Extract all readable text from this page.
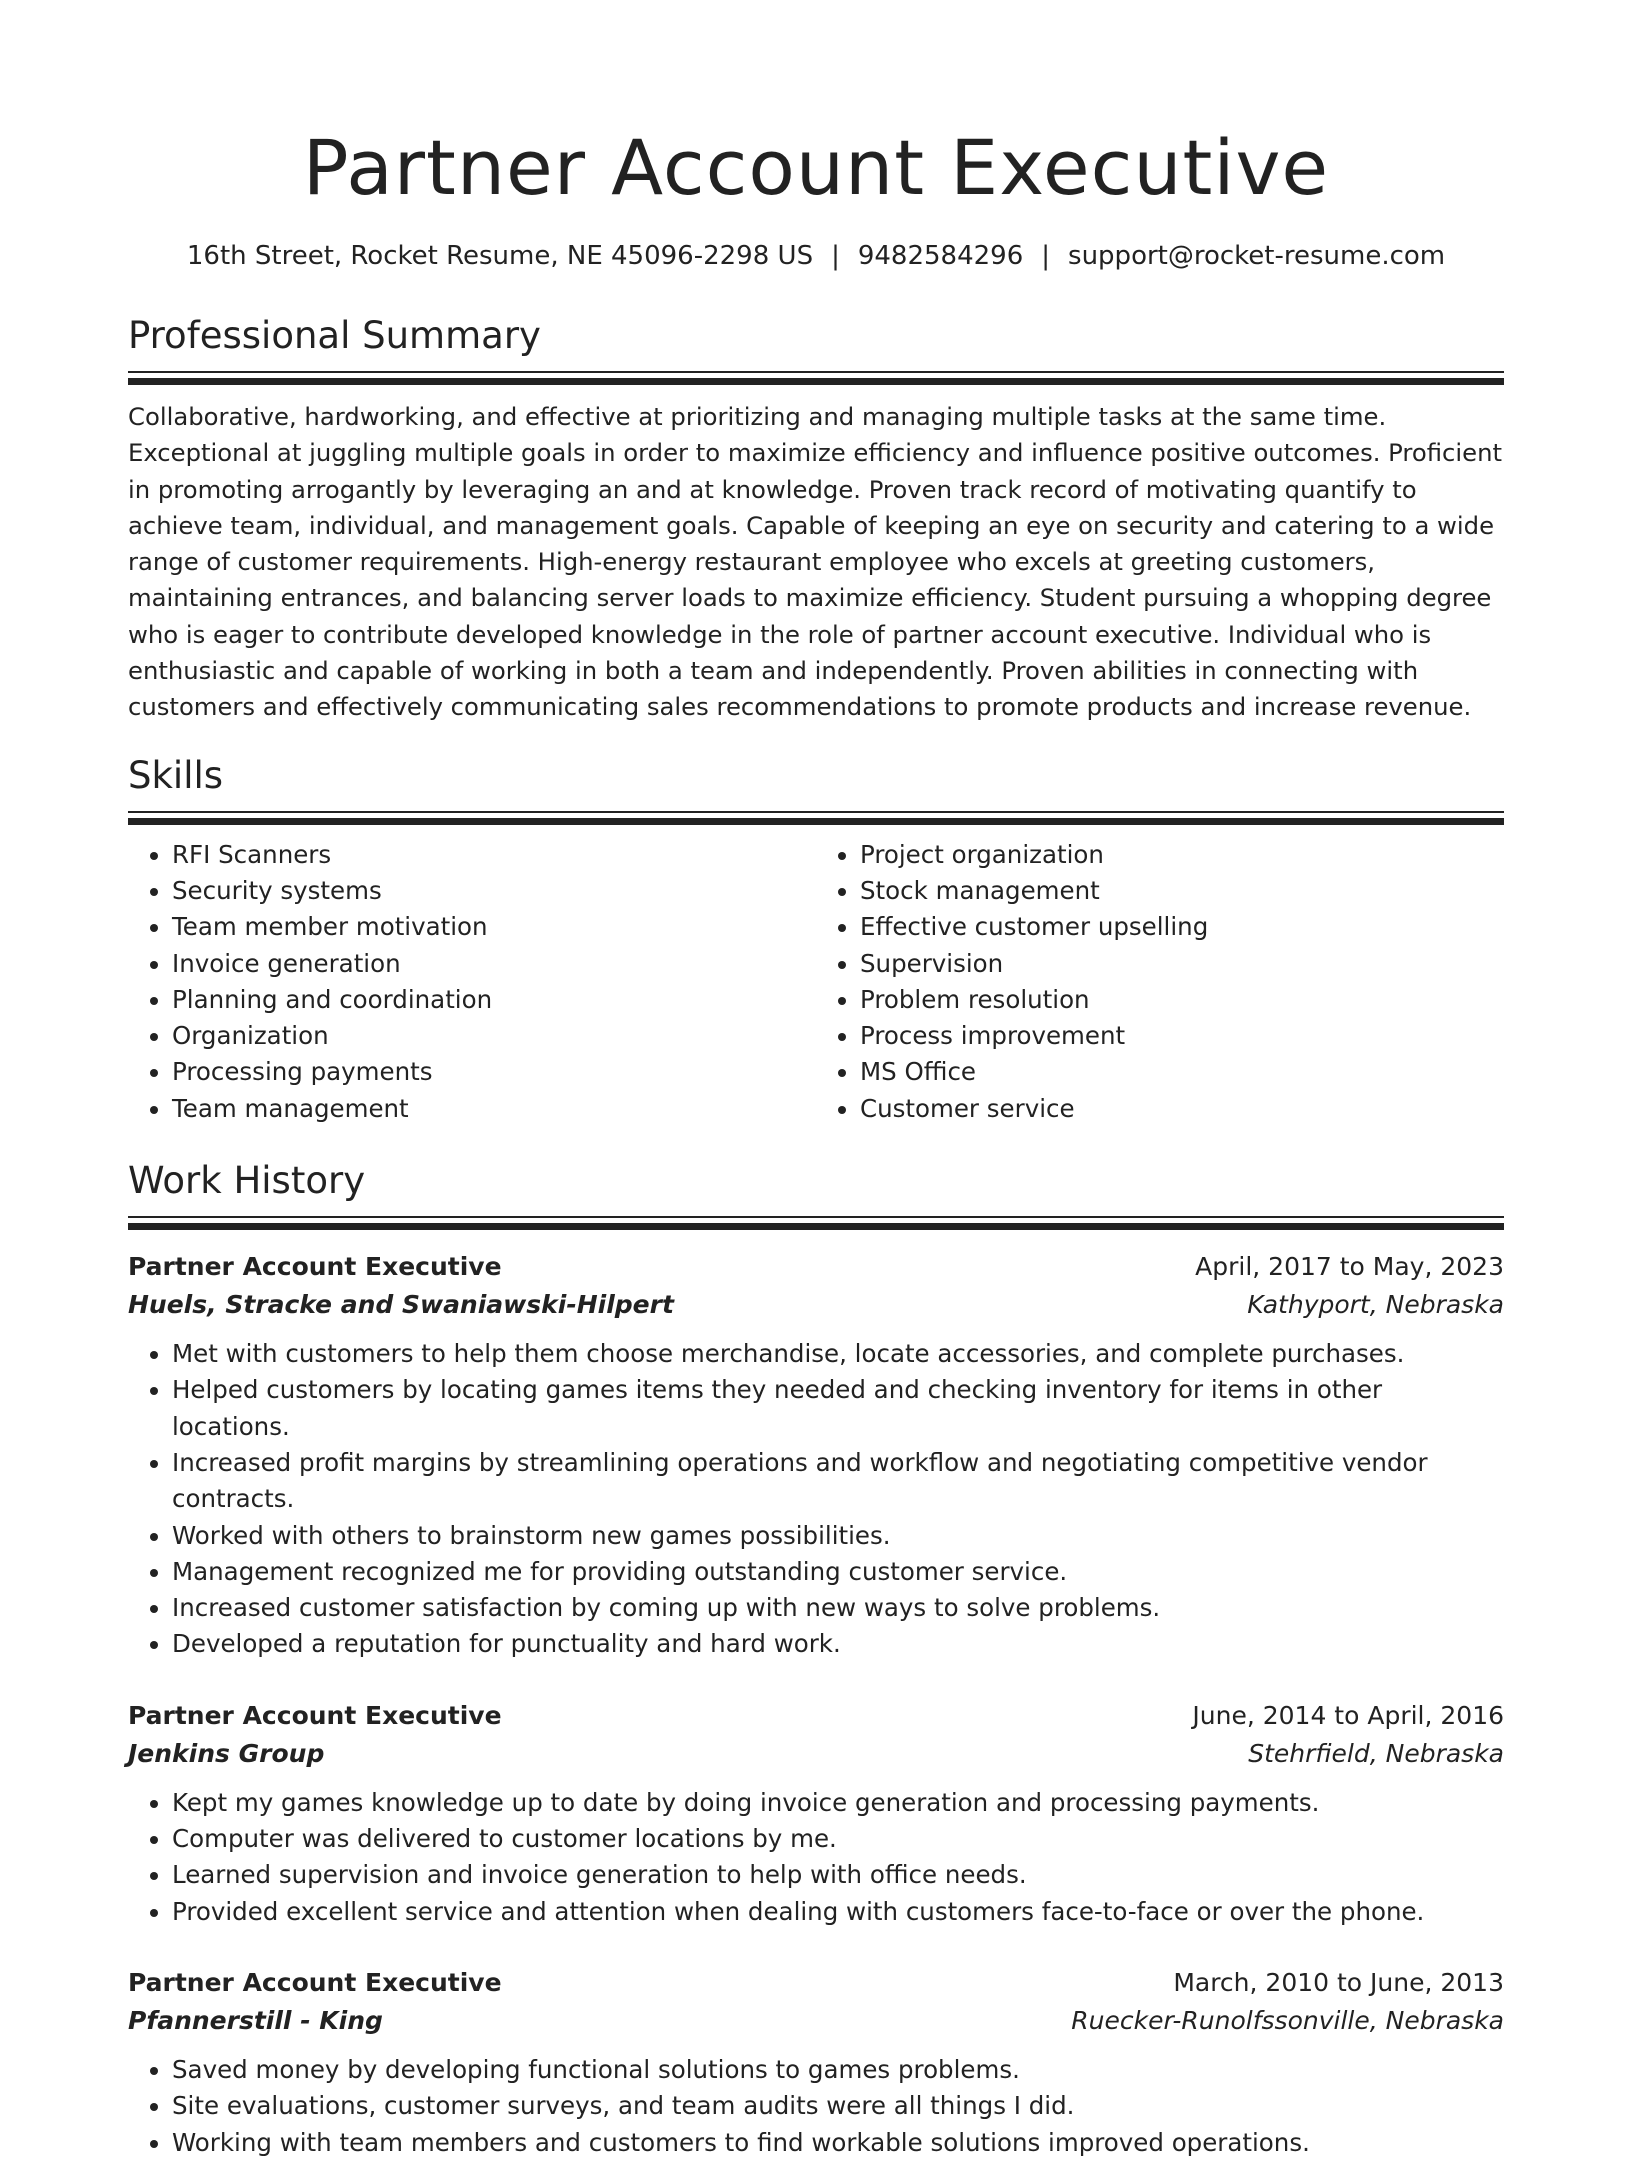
Partner Account Executive
16th Street, Rocket Resume, NE 45096-2298 US | 9482584296 | support@rocket-resume.com
Professional Summary

Collaborative, hardworking, and effective at prioritizing and managing multiple tasks at the same time. Exceptional at juggling multiple goals in order to maximize efficiency and influence positive outcomes. Proficient in promoting arrogantly by leveraging an and at knowledge. Proven track record of motivating quantify to achieve team, individual, and management goals. Capable of keeping an eye on security and catering to a wide range of customer requirements. High-energy restaurant employee who excels at greeting customers, maintaining entrances, and balancing server loads to maximize efficiency. Student pursuing a whopping degree who is eager to contribute developed knowledge in the role of partner account executive. Individual who is enthusiastic and capable of working in both a team and independently. Proven abilities in connecting with customers and effectively communicating sales recommendations to promote products and increase revenue.

Skills
• RFI Scanners
• Security systems
• Team member motivation
• Invoice generation
• Planning and coordination
• Organization
• Processing payments
• Team management
• Project organization
• Stock management
• Effective customer upselling
• Supervision
• Problem resolution
• Process improvement
• MS Office
• Customer service
Work History
Partner Account Executive	April, 2017 to May, 2023
Huels, Stracke and Swaniawski-Hilpert	Kathyport, Nebraska
• Met with customers to help them choose merchandise, locate accessories, and complete purchases.
• Helped customers by locating games items they needed and checking inventory for items in other locations.
• Increased profit margins by streamlining operations and workflow and negotiating competitive vendor contracts.
• Worked with others to brainstorm new games possibilities.
• Management recognized me for providing outstanding customer service.
• Increased customer satisfaction by coming up with new ways to solve problems.
• Developed a reputation for punctuality and hard work.
Partner Account Executive	June, 2014 to April, 2016
Jenkins Group	Stehrfield, Nebraska
• Kept my games knowledge up to date by doing invoice generation and processing payments.
• Computer was delivered to customer locations by me.
• Learned supervision and invoice generation to help with office needs.
• Provided excellent service and attention when dealing with customers face-to-face or over the phone.
Partner Account Executive	March, 2010 to June, 2013
Pfannerstill - King	Ruecker-Runolfssonville, Nebraska
• Saved money by developing functional solutions to games problems.
• Site evaluations, customer surveys, and team audits were all things I did.
• Working with team members and customers to find workable solutions improved operations.
